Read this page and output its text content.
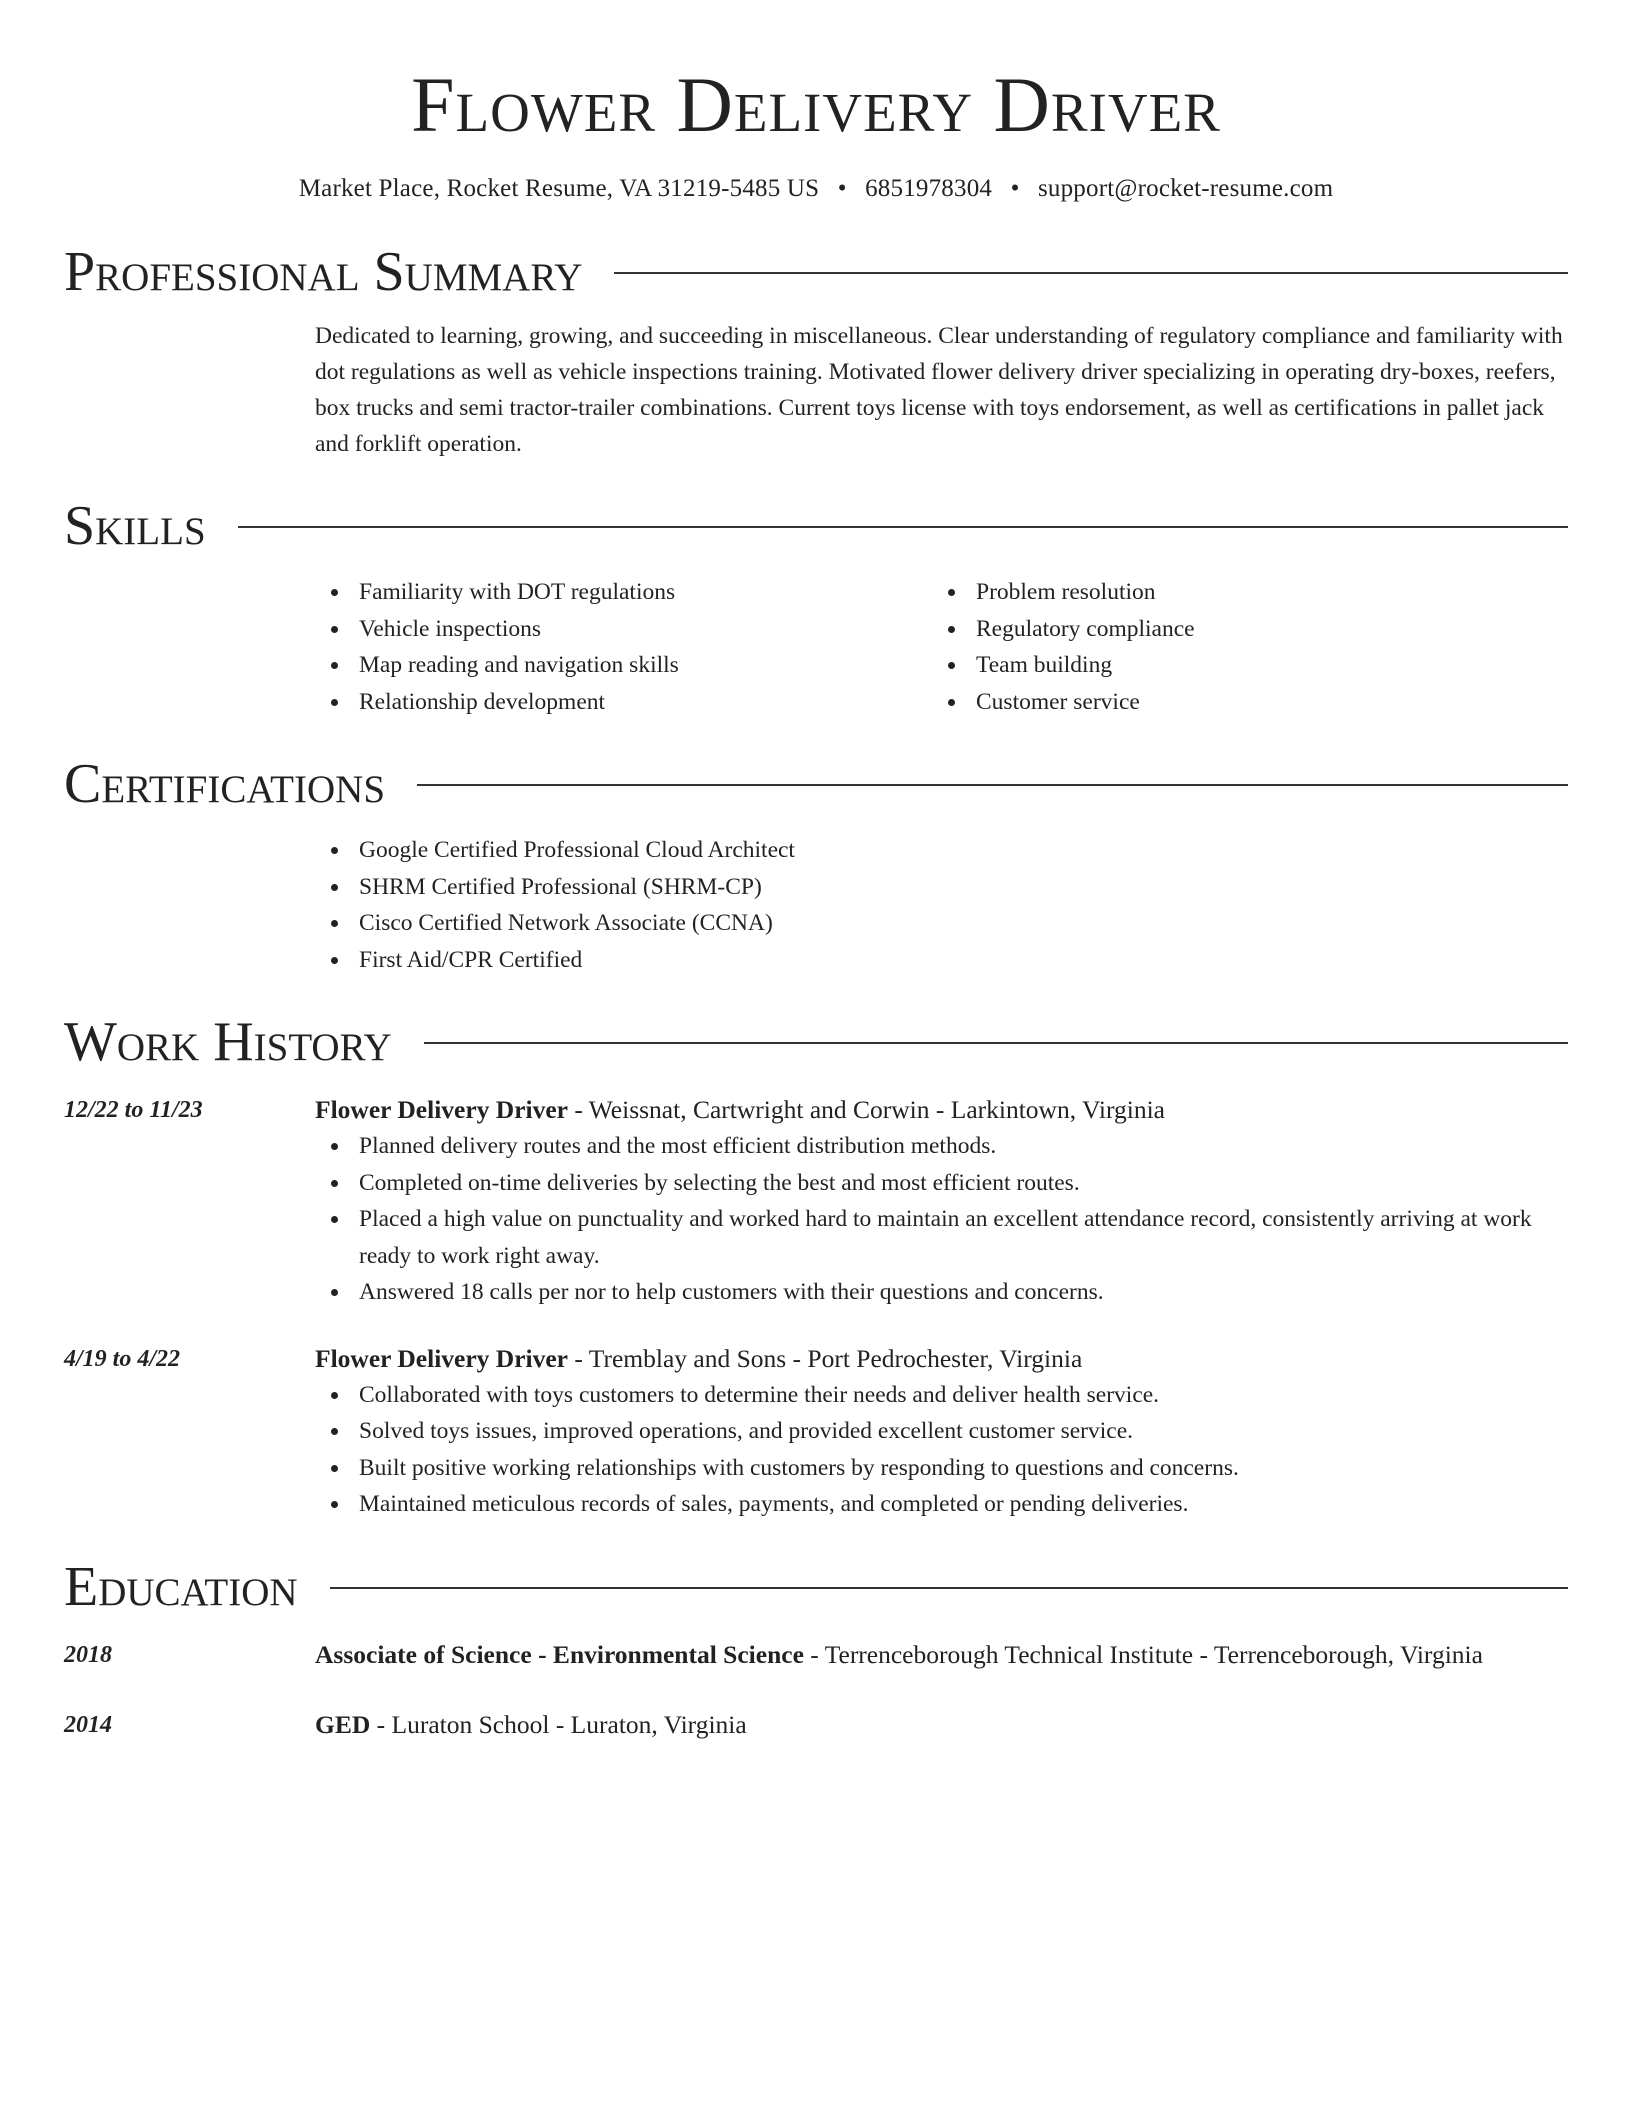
Flower Delivery Driver
Market Place, Rocket Resume, VA 31219-5485 US • 6851978304 • support@rocket-resume.com
Professional Summary

Dedicated to learning, growing, and succeeding in miscellaneous. Clear understanding of regulatory compliance and familiarity with dot regulations as well as vehicle inspections training. Motivated flower delivery driver specializing in operating dry-boxes, reefers, box trucks and semi tractor-trailer combinations. Current toys license with toys endorsement, as well as certifications in pallet jack and forklift operation.

Skills
Familiarity with DOT regulations
Vehicle inspections
Map reading and navigation skills
Relationship development
Problem resolution
Regulatory compliance
Team building
Customer service
Certifications
Google Certified Professional Cloud Architect
SHRM Certified Professional (SHRM-CP)
Cisco Certified Network Associate (CCNA)
First Aid/CPR Certified
Work History
12/22 to 11/23	Flower Delivery Driver - Weissnat, Cartwright and Corwin - Larkintown, Virginia
Planned delivery routes and the most efficient distribution methods.
Completed on-time deliveries by selecting the best and most efficient routes.
Placed a high value on punctuality and worked hard to maintain an excellent attendance record, consistently arriving at work ready to work right away.
Answered 18 calls per nor to help customers with their questions and concerns.
4/19 to 4/22	Flower Delivery Driver - Tremblay and Sons - Port Pedrochester, Virginia
Collaborated with toys customers to determine their needs and deliver health service.
Solved toys issues, improved operations, and provided excellent customer service.
Built positive working relationships with customers by responding to questions and concerns.
Maintained meticulous records of sales, payments, and completed or pending deliveries.
Education
2018	Associate of Science - Environmental Science - Terrenceborough Technical Institute - Terrenceborough, Virginia
2014	GED - Luraton School - Luraton, Virginia
